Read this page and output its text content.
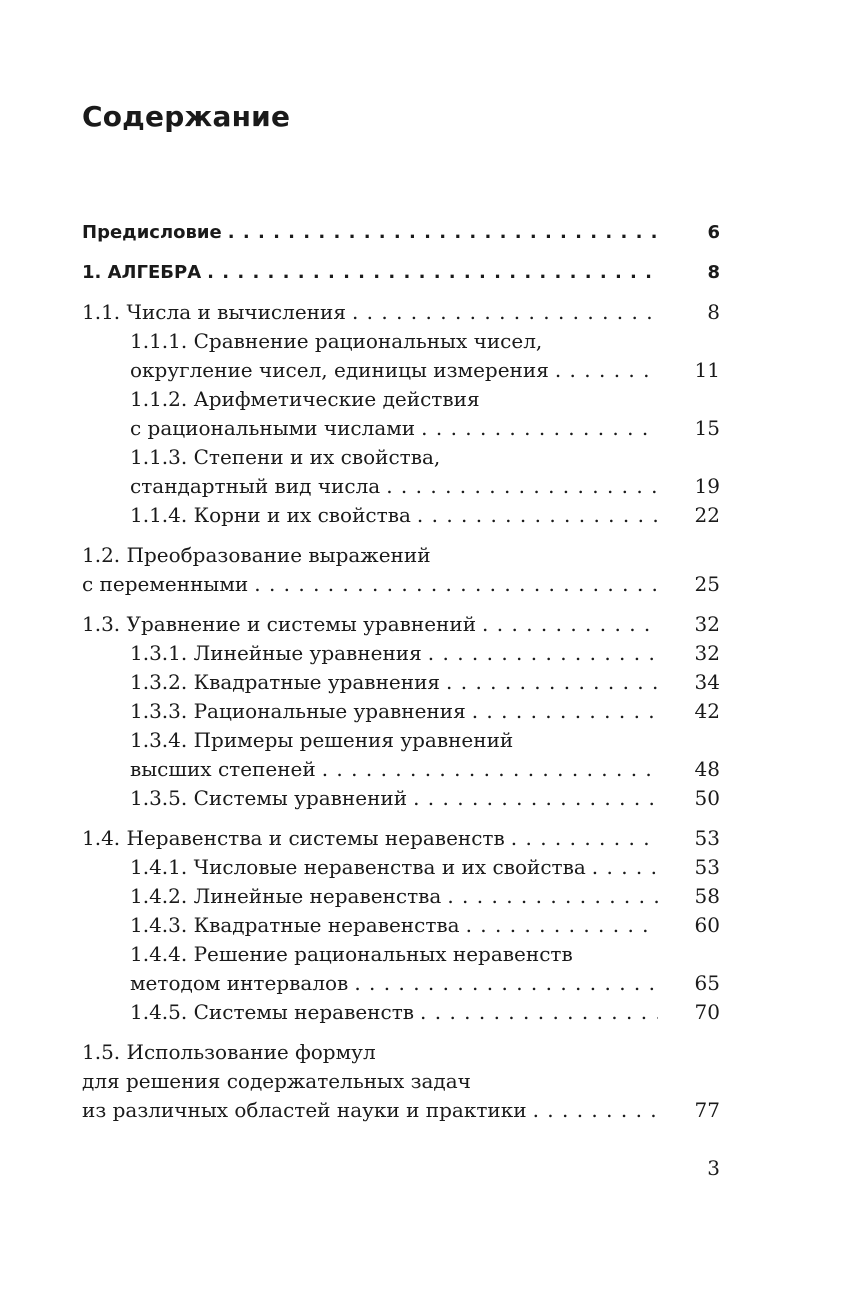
Содержание
Предисловие . . .	6
1. АЛГЕБРА . . .	8
1.1. Числа и вычисления . . .	8
1.1.1. Сравнение рациональных чисел,
округление чисел, единицы измерения . . .	11
1.1.2. Арифметические действия
с рациональными числами . . .	15
1.1.3. Степени и их свойства,
стандартный вид числа . . .	19
1.1.4. Корни и их свойства . . .	22
1.2. Преобразование выражений
с переменными . . .	25
1.3. Уравнение и системы уравнений . . .	32
1.3.1. Линейные уравнения . . .	32
1.3.2. Квадратные уравнения . . .	34
1.3.3. Рациональные уравнения . . .	42
1.3.4. Примеры решения уравнений
высших степеней . . .	48
1.3.5. Системы уравнений . . .	50
1.4. Неравенства и системы неравенств . . .	53
1.4.1. Числовые неравенства и их свойства . . .	53
1.4.2. Линейные неравенства . . .	58
1.4.3. Квадратные неравенства . . .	60
1.4.4. Решение рациональных неравенств
методом интервалов . . .	65
1.4.5. Системы неравенств . . .	70
1.5. Использование формул
для решения содержательных задач
из различных областей науки и практики . . .	77
3
